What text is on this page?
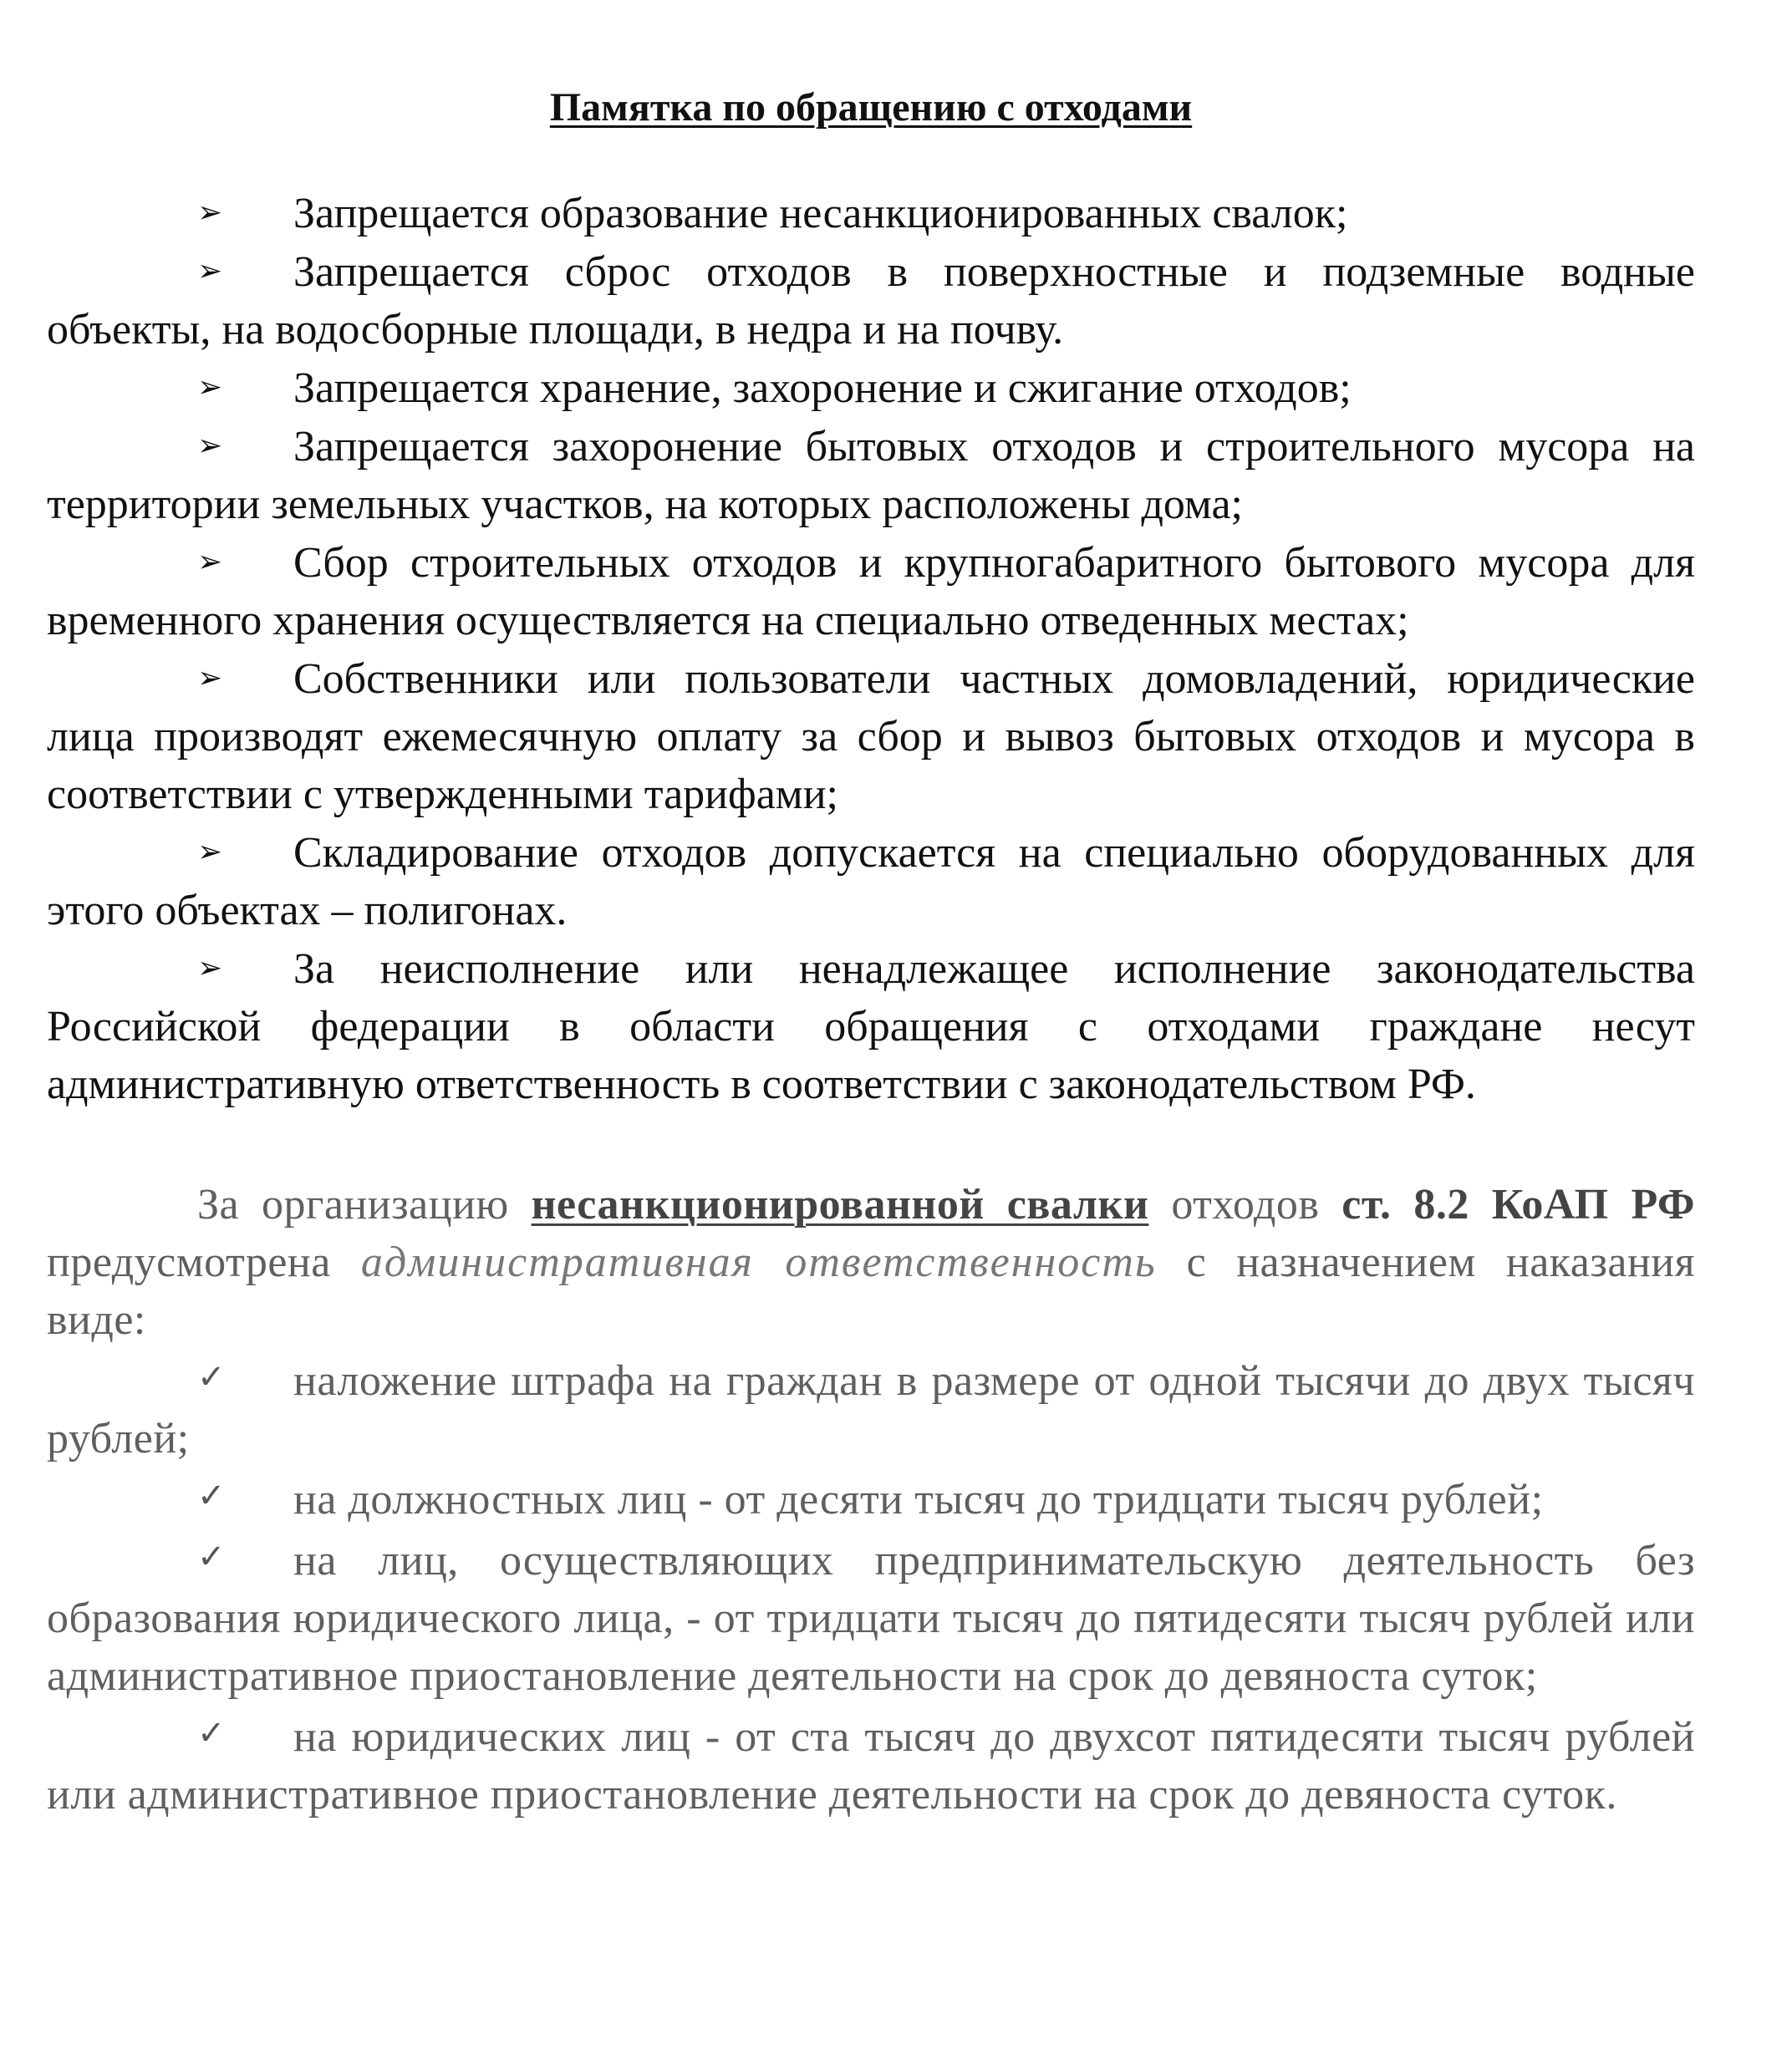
Памятка по обращению с отходами

➢ Запрещается образование несанкционированных свалок;

➢ Запрещается сброс отходов в поверхностные и подземные водные объекты, на водосборные площади, в недра и на почву.

➢ Запрещается хранение, захоронение и сжигание отходов;

➢ Запрещается захоронение бытовых отходов и строительного мусора на территории земельных участков, на которых расположены дома;

➢ Сбор строительных отходов и крупногабаритного бытового мусора для временного хранения осуществляется на специально отведенных местах;

➢ Собственники или пользователи частных домовладений, юридические лица производят ежемесячную оплату за сбор и вывоз бытовых отходов и мусора в соответствии с утвержденными тарифами;

➢ Складирование отходов допускается на специально оборудованных для этого объектах – полигонах.

➢ За неисполнение или ненадлежащее исполнение законодательства Российской федерации в области обращения с отходами граждане несут административную ответственность в соответствии с законодательством РФ.

За организацию несанкционированной свалки отходов ст. 8.2 КоАП РФ предусмотрена административная ответственность с назначением наказания виде:

✓ наложение штрафа на граждан в размере от одной тысячи до двух тысяч рублей;

✓ на должностных лиц - от десяти тысяч до тридцати тысяч рублей;

✓ на лиц, осуществляющих предпринимательскую деятельность без образования юридического лица, - от тридцати тысяч до пятидесяти тысяч рублей или административное приостановление деятельности на срок до девяноста суток;

✓ на юридических лиц - от ста тысяч до двухсот пятидесяти тысяч рублей или административное приостановление деятельности на срок до девяноста суток.
